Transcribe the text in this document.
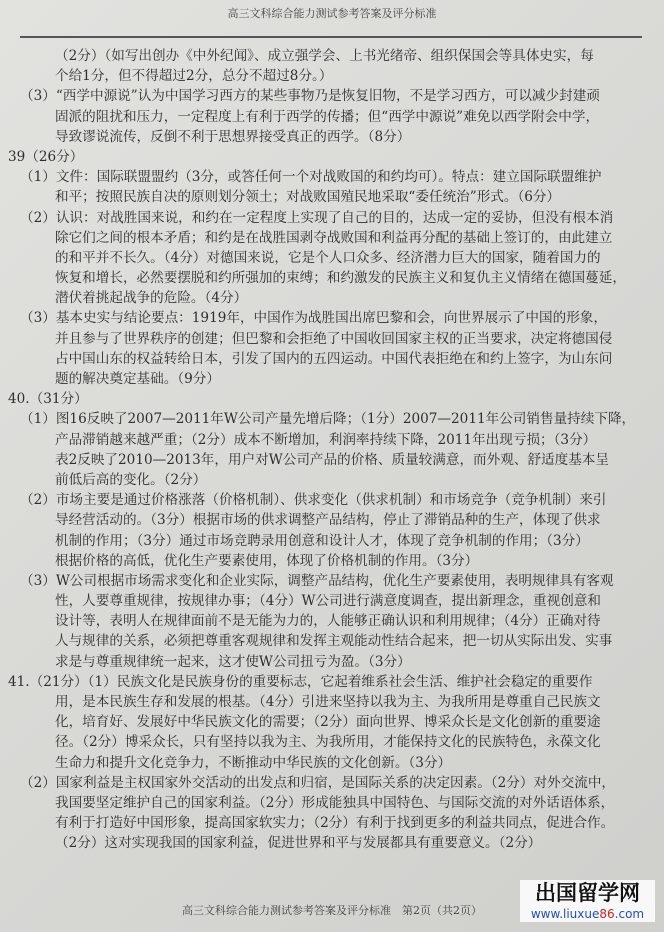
高三文科综合能力测试参考答案及评分标准
（2分）（如写出创办《中外纪闻》、成立强学会、上书光绪帝、组织保国会等具体史实，每
个给1分，但不得超过2分，总分不超过8分。）
（3）“西学中源说”认为中国学习西方的某些事物乃是恢复旧物，不是学习西方，可以减少封建顽
固派的阻扰和压力，一定程度上有利于西学的传播；但“西学中源说”难免以西学附会中学，
导致谬说流传，反倒不利于思想界接受真正的西学。（8分）
39（26分）
（1）文件：国际联盟盟约（3分，或答任何一个对战败国的和约均可）。特点：建立国际联盟维护
和平；按照民族自决的原则划分领土；对战败国殖民地采取“委任统治”形式。（6分）
（2）认识：对战胜国来说，和约在一定程度上实现了自己的目的，达成一定的妥协，但没有根本消
除它们之间的根本矛盾；和约是在战胜国剥夺战败国和利益再分配的基础上签订的，由此建立
的和平并不长久。（4分）对德国来说，它是个人口众多、经济潜力巨大的国家，随着国力的
恢复和增长，必然要摆脱和约所强加的束缚；和约激发的民族主义和复仇主义情绪在德国蔓延，
潜伏着挑起战争的危险。（4分）
（3）基本史实与结论要点：1919年，中国作为战胜国出席巴黎和会，向世界展示了中国的形象，
并且参与了世界秩序的创建；但巴黎和会拒绝了中国收回国家主权的正当要求，决定将德国侵
占中国山东的权益转给日本，引发了国内的五四运动。中国代表拒绝在和约上签字，为山东问
题的解决奠定基础。（9分）
40.（31分）
（1）图16反映了2007—2011年W公司产量先增后降；（1分）2007—2011年公司销售量持续下降，
产品滞销越来越严重；（2分）成本不断增加，利润率持续下降，2011年出现亏损；（3分）
表2反映了2010—2013年，用户对W公司产品的价格、质量较满意，而外观、舒适度基本呈
前低后高的变化。（2分）
（2）市场主要是通过价格涨落（价格机制）、供求变化（供求机制）和市场竞争（竞争机制）来引
导经营活动的。（3分）根据市场的供求调整产品结构，停止了滞销品种的生产，体现了供求
机制的作用；（3分）通过市场竞聘录用创意和设计人才，体现了竞争机制的作用；（3分）
根据价格的高低，优化生产要素使用，体现了价格机制的作用。（3分）
（3）W公司根据市场需求变化和企业实际，调整产品结构，优化生产要素使用，表明规律具有客观
性，人要尊重规律，按规律办事；（4分）W公司进行满意度调查，提出新理念，重视创意和
设计等，表明人在规律面前不是无能为力的，人能够正确认识和利用规律；（4分）正确对待
人与规律的关系，必须把尊重客观规律和发挥主观能动性结合起来，把一切从实际出发、实事
求是与尊重规律统一起来，这才使W公司扭亏为盈。（3分）
41.（21分）（1）民族文化是民族身份的重要标志，它起着维系社会生活、维护社会稳定的重要作
用，是本民族生存和发展的根基。（4分）引进来坚持以我为主、为我所用是尊重自己民族文
化，培育好、发展好中华民族文化的需要；（2分）面向世界、博采众长是文化创新的重要途
径。（2分）博采众长，只有坚持以我为主、为我所用，才能保持文化的民族特色，永葆文化
生命力和提升文化竞争力，不断推动中华民族的文化创新。（3分）
（2）国家利益是主权国家外交活动的出发点和归宿，是国际关系的决定因素。（2分）对外交流中，
我国要坚定维护自己的国家利益。（2分）形成能独具中国特色、与国际交流的对外话语体系，
有利于打造好中国形象，提高国家软实力；（2分）有利于找到更多的利益共同点，促进合作。
（2分）这对实现我国的国家利益，促进世界和平与发展都具有重要意义。（2分）
高三文科综合能力测试参考答案及评分标准　第2页（共2页）
出国留学网
www.liuxue86.com
